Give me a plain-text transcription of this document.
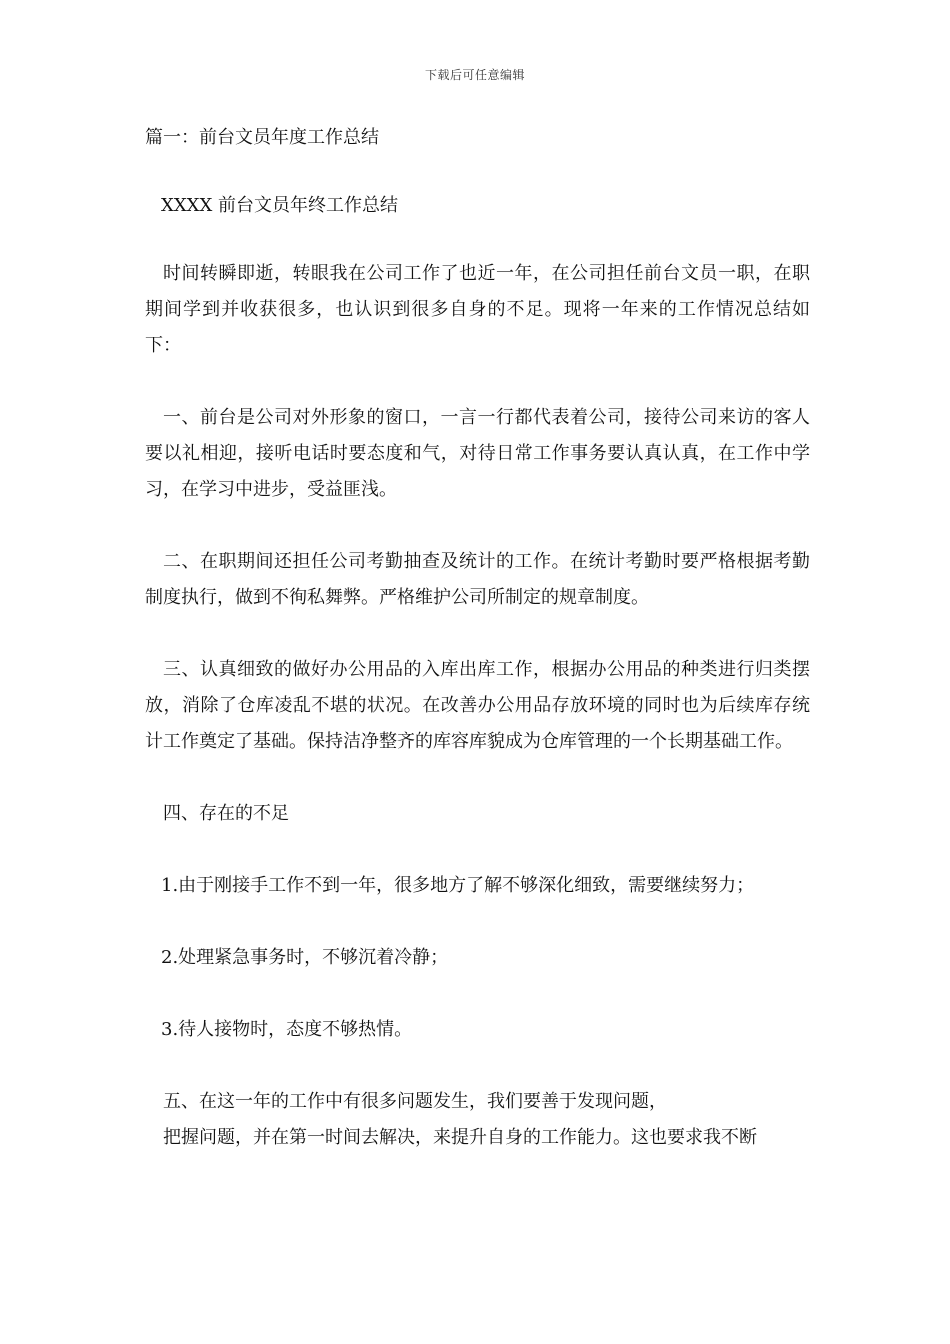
下载后可任意编辑
篇一：前台文员年度工作总结
XXXX 前台文员年终工作总结

时间转瞬即逝，转眼我在公司工作了也近一年，在公司担任前台文员一职，在职期间学到并收获很多，也认识到很多自身的不足。现将一年来的工作情况总结如下：

一、前台是公司对外形象的窗口，一言一行都代表着公司，接待公司来访的客人要以礼相迎，接听电话时要态度和气，对待日常工作事务要认真认真，在工作中学习，在学习中进步，受益匪浅。

二、在职期间还担任公司考勤抽查及统计的工作。在统计考勤时要严格根据考勤制度执行，做到不徇私舞弊。严格维护公司所制定的规章制度。

三、认真细致的做好办公用品的入库出库工作，根据办公用品的种类进行归类摆放，消除了仓库凌乱不堪的状况。在改善办公用品存放环境的同时也为后续库存统计工作奠定了基础。保持洁净整齐的库容库貌成为仓库管理的一个长期基础工作。

四、存在的不足

1.由于刚接手工作不到一年，很多地方了解不够深化细致，需要继续努力；

2.处理紧急事务时，不够沉着冷静；

3.待人接物时，态度不够热情。

五、在这一年的工作中有很多问题发生，我们要善于发现问题，

把握问题，并在第一时间去解决，来提升自身的工作能力。这也要求我不断
